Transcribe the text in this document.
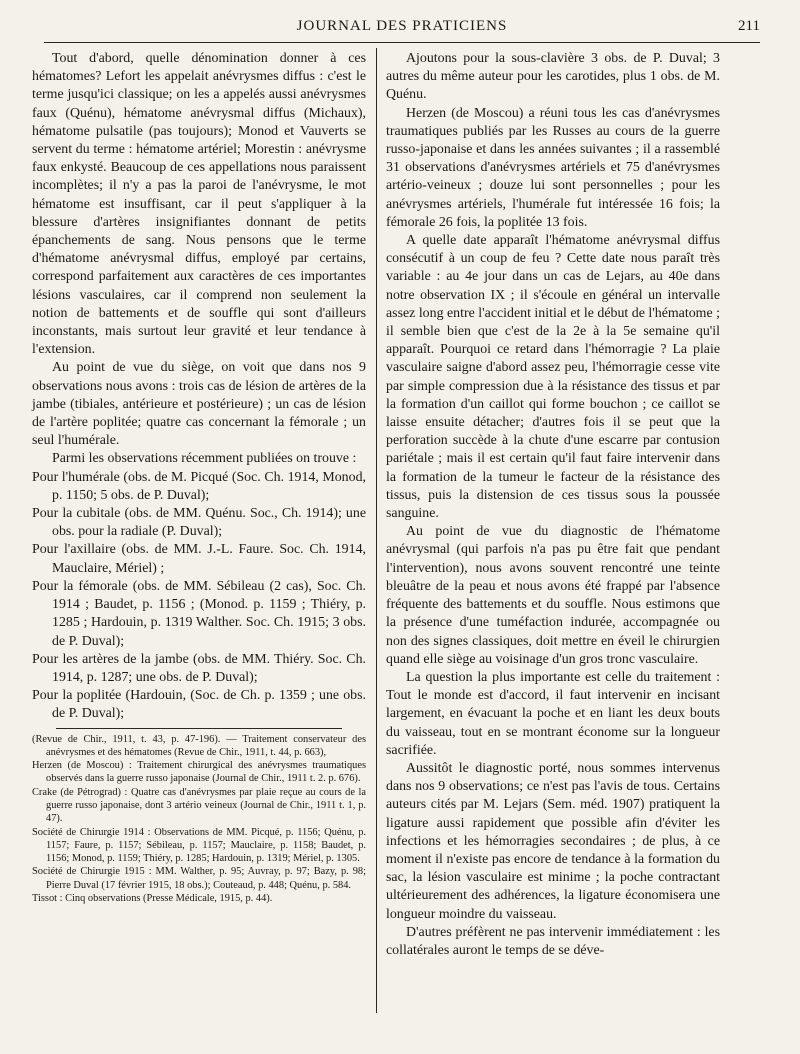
JOURNAL DES PRATICIENS	211

Tout d'abord, quelle dénomination donner à ces hématomes? Lefort les appelait anévrysmes diffus : c'est le terme jusqu'ici classique; on les a appelés aussi anévrysmes faux (Quénu), hématome anévrysmal diffus (Michaux), hématome pulsatile (pas toujours); Monod et Vauverts se servent du terme : hématome artériel; Morestin : anévrysme faux enkysté. Beaucoup de ces appellations nous paraissent incomplètes; il n'y a pas la paroi de l'anévrysme, le mot hématome est insuffisant, car il peut s'appliquer à la blessure d'artères insignifiantes donnant de petits épanchements de sang. Nous pensons que le terme d'hématome anévrysmal diffus, employé par certains, correspond parfaitement aux caractères de ces importantes lésions vasculaires, car il comprend non seulement la notion de battements et de souffle qui sont d'ailleurs inconstants, mais surtout leur gravité et leur tendance à l'extension.

Au point de vue du siège, on voit que dans nos 9 observations nous avons : trois cas de lésion de artères de la jambe (tibiales, antérieure et postérieure) ; un cas de lésion de l'artère poplitée; quatre cas concernant la fémorale ; un seul l'humérale.

Parmi les observations récemment publiées on trouve :

Pour l'humérale (obs. de M. Picqué (Soc. Ch. 1914, Monod, p. 1150; 5 obs. de P. Duval);

Pour la cubitale (obs. de MM. Quénu. Soc., Ch. 1914); une obs. pour la radiale (P. Duval);

Pour l'axillaire (obs. de MM. J.-L. Faure. Soc. Ch. 1914, Mauclaire, Mériel) ;

Pour la fémorale (obs. de MM. Sébileau (2 cas), Soc. Ch. 1914 ; Baudet, p. 1156 ; (Monod. p. 1159 ; Thiéry, p. 1285 ; Hardouin, p. 1319 Walther. Soc. Ch. 1915; 3 obs. de P. Duval);

Pour les artères de la jambe (obs. de MM. Thiéry. Soc. Ch. 1914, p. 1287; une obs. de P. Duval);

Pour la poplitée (Hardouin, (Soc. de Ch. p. 1359 ; une obs. de P. Duval);

(Revue de Chir., 1911, t. 43, p. 47-196). — Traitement conservateur des anévrysmes et des hématomes (Revue de Chir., 1911, t. 44, p. 663),

Herzen (de Moscou) : Traitement chirurgical des anévrysmes traumatiques observés dans la guerre russo japonaise (Journal de Chir., 1911 t. 2. p. 676).

Crake (de Pétrograd) : Quatre cas d'anévrysmes par plaie reçue au cours de la guerre russo japonaise, dont 3 artério veineux (Journal de Chir., 1911 t. 1, p. 47).

Société de Chirurgie 1914 : Observations de MM. Picqué, p. 1156; Quénu, p. 1157; Faure, p. 1157; Sébileau, p. 1157; Mauclaire, p. 1158; Baudet, p. 1156; Monod, p. 1159; Thiéry, p. 1285; Hardouin, p. 1319; Mériel, p. 1305.

Société de Chirurgie 1915 : MM. Walther, p. 95; Auvray, p. 97; Bazy, p. 98; Pierre Duval (17 février 1915, 18 obs.); Couteaud, p. 448; Quénu, p. 584.

Tissot : Cinq observations (Presse Médicale, 1915, p. 44).

Ajoutons pour la sous-clavière 3 obs. de P. Duval; 3 autres du même auteur pour les carotides, plus 1 obs. de M. Quénu.

Herzen (de Moscou) a réuni tous les cas d'anévrysmes traumatiques publiés par les Russes au cours de la guerre russo-japonaise et dans les années suivantes ; il a rassemblé 31 observations d'anévrysmes artériels et 75 d'anévrysmes artério-veineux ; douze lui sont personnelles ; pour les anévrysmes artériels, l'humérale fut intéressée 16 fois; la fémorale 26 fois, la poplitée 13 fois.

A quelle date apparaît l'hématome anévrysmal diffus consécutif à un coup de feu ? Cette date nous paraît très variable : au 4e jour dans un cas de Lejars, au 40e dans notre observation IX ; il s'écoule en général un intervalle assez long entre l'accident initial et le début de l'hématome ; il semble bien que c'est de la 2e à la 5e semaine qu'il apparaît. Pourquoi ce retard dans l'hémorragie ? La plaie vasculaire saigne d'abord assez peu, l'hémorragie cesse vite par simple compression due à la résistance des tissus et par la formation d'un caillot qui forme bouchon ; ce caillot se laisse ensuite détacher; d'autres fois il se peut que la perforation succède à la chute d'une escarre par contusion pariétale ; mais il est certain qu'il faut faire intervenir dans la formation de la tumeur le facteur de la résistance des tissus, puis la distension de ces tissus sous la poussée sanguine.

Au point de vue du diagnostic de l'hématome anévrysmal (qui parfois n'a pas pu être fait que pendant l'intervention), nous avons souvent rencontré une teinte bleuâtre de la peau et nous avons été frappé par l'absence fréquente des battements et du souffle. Nous estimons que la présence d'une tuméfaction indurée, accompagnée ou non des signes classiques, doit mettre en éveil le chirurgien quand elle siège au voisinage d'un gros tronc vasculaire.

La question la plus importante est celle du traitement : Tout le monde est d'accord, il faut intervenir en incisant largement, en évacuant la poche et en liant les deux bouts du vaisseau, tout en se montrant économe sur la longueur sacrifiée.

Aussitôt le diagnostic porté, nous sommes intervenus dans nos 9 observations; ce n'est pas l'avis de tous. Certains auteurs cités par M. Lejars (Sem. méd. 1907) pratiquent la ligature aussi rapidement que possible afin d'éviter les infections et les hémorragies secondaires ; de plus, à ce moment il n'existe pas encore de tendance à la formation du sac, la lésion vasculaire est minime ; la poche contractant ultérieurement des adhérences, la ligature économisera une longueur moindre du vaisseau.

D'autres préfèrent ne pas intervenir immédiatement : les collatérales auront le temps de se déve-
